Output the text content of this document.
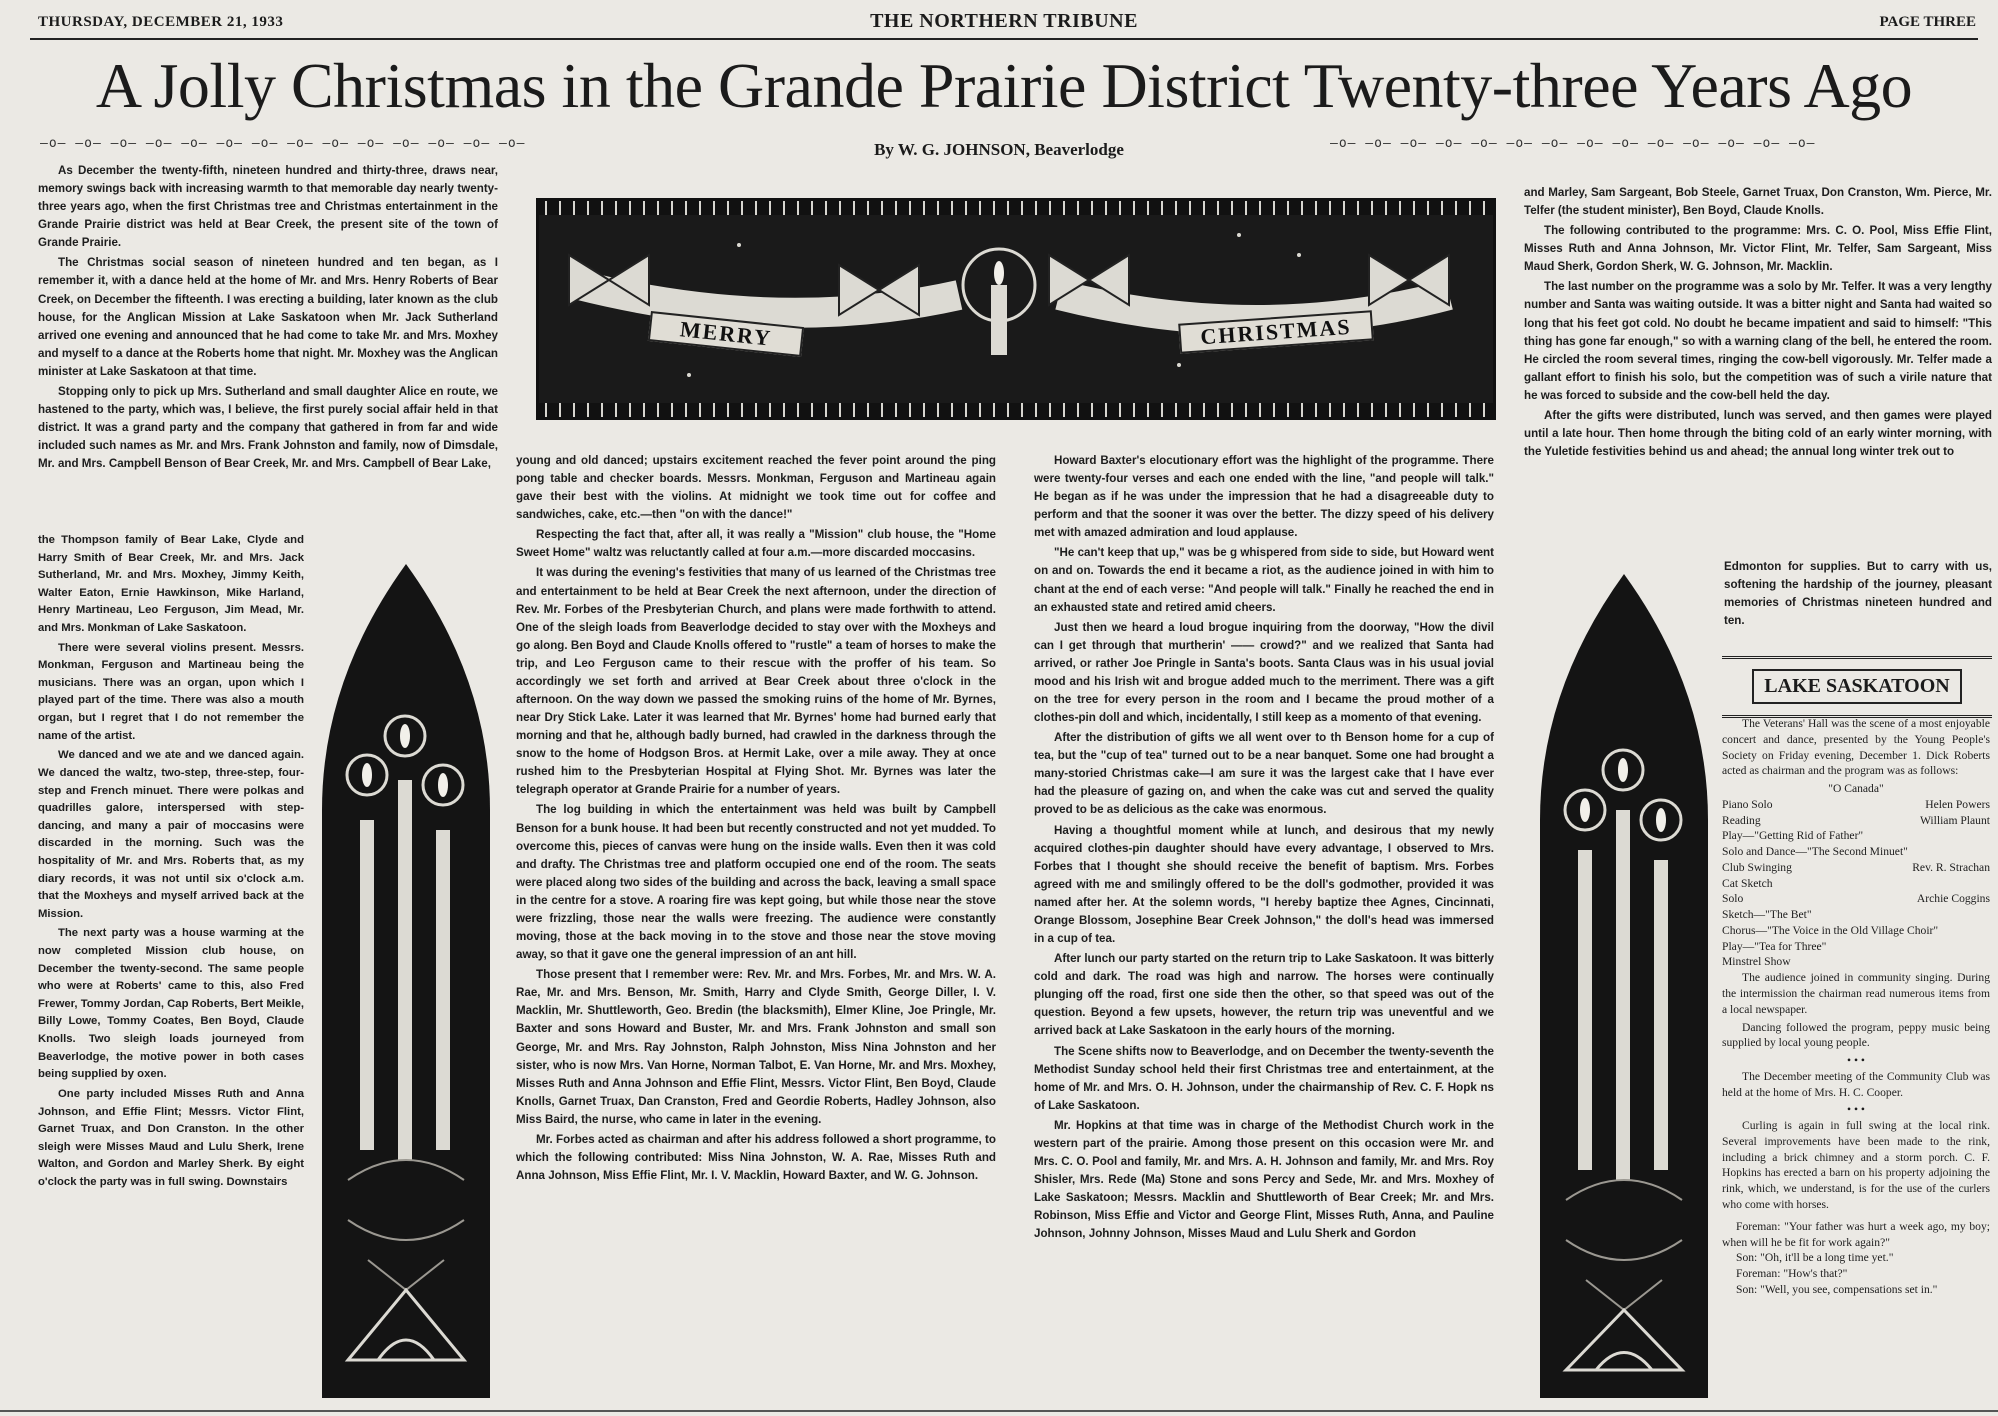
THURSDAY, DECEMBER 21, 1933	THE NORTHERN TRIBUNE	PAGE THREE
A Jolly Christmas in the Grande Prairie District Twenty-three Years Ago
—o— —o— —o— —o— —o— —o— —o— —o— —o— —o— —o— —o— —o— —o—	By W. G. JOHNSON, Beaverlodge	—o— —o— —o— —o— —o— —o— —o— —o— —o— —o— —o— —o— —o— —o—

As December the twenty-fifth, nineteen hundred and thirty-three, draws near, memory swings back with increasing warmth to that memorable day nearly twenty-three years ago, when the first Christmas tree and Christmas entertainment in the Grande Prairie district was held at Bear Creek, the present site of the town of Grande Prairie.

The Christmas social season of nineteen hundred and ten began, as I remember it, with a dance held at the home of Mr. and Mrs. Henry Roberts of Bear Creek, on December the fifteenth. I was erecting a building, later known as the club house, for the Anglican Mission at Lake Saskatoon when Mr. Jack Sutherland arrived one evening and announced that he had come to take Mr. and Mrs. Moxhey and myself to a dance at the Roberts home that night. Mr. Moxhey was the Anglican minister at Lake Saskatoon at that time.

Stopping only to pick up Mrs. Sutherland and small daughter Alice en route, we hastened to the party, which was, I believe, the first purely social affair held in that district. It was a grand party and the company that gathered in from far and wide included such names as Mr. and Mrs. Frank Johnston and family, now of Dimsdale, Mr. and Mrs. Campbell Benson of Bear Creek, Mr. and Mrs. Campbell of Bear Lake,

the Thompson family of Bear Lake, Clyde and Harry Smith of Bear Creek, Mr. and Mrs. Jack Sutherland, Mr. and Mrs. Moxhey, Jimmy Keith, Walter Eaton, Ernie Hawkinson, Mike Harland, Henry Martineau, Leo Ferguson, Jim Mead, Mr. and Mrs. Monkman of Lake Saskatoon.

There were several violins present. Messrs. Monkman, Ferguson and Martineau being the musicians. There was an organ, upon which I played part of the time. There was also a mouth organ, but I regret that I do not remember the name of the artist.

We danced and we ate and we danced again. We danced the waltz, two-step, three-step, four-step and French minuet. There were polkas and quadrilles galore, interspersed with step-dancing, and many a pair of moccasins were discarded in the morning. Such was the hospitality of Mr. and Mrs. Roberts that, as my diary records, it was not until six o'clock a.m. that the Moxheys and myself arrived back at the Mission.

The next party was a house warming at the now completed Mission club house, on December the twenty-second. The same people who were at Roberts' came to this, also Fred Frewer, Tommy Jordan, Cap Roberts, Bert Meikle, Billy Lowe, Tommy Coates, Ben Boyd, Claude Knolls. Two sleigh loads journeyed from Beaverlodge, the motive power in both cases being supplied by oxen.

One party included Misses Ruth and Anna Johnson, and Effie Flint; Messrs. Victor Flint, Garnet Truax, and Don Cranston. In the other sleigh were Misses Maud and Lulu Sherk, Irene Walton, and Gordon and Marley Sherk. By eight o'clock the party was in full swing. Downstairs

MERRY	CHRISTMAS

young and old danced; upstairs excitement reached the fever point around the ping pong table and checker boards. Messrs. Monkman, Ferguson and Martineau again gave their best with the violins. At midnight we took time out for coffee and sandwiches, cake, etc.—then "on with the dance!"

Respecting the fact that, after all, it was really a "Mission" club house, the "Home Sweet Home" waltz was reluctantly called at four a.m.—more discarded moccasins.

It was during the evening's festivities that many of us learned of the Christmas tree and entertainment to be held at Bear Creek the next afternoon, under the direction of Rev. Mr. Forbes of the Presbyterian Church, and plans were made forthwith to attend. One of the sleigh loads from Beaverlodge decided to stay over with the Moxheys and go along. Ben Boyd and Claude Knolls offered to "rustle" a team of horses to make the trip, and Leo Ferguson came to their rescue with the proffer of his team. So accordingly we set forth and arrived at Bear Creek about three o'clock in the afternoon. On the way down we passed the smoking ruins of the home of Mr. Byrnes, near Dry Stick Lake. Later it was learned that Mr. Byrnes' home had burned early that morning and that he, although badly burned, had crawled in the darkness through the snow to the home of Hodgson Bros. at Hermit Lake, over a mile away. They at once rushed him to the Presbyterian Hospital at Flying Shot. Mr. Byrnes was later the telegraph operator at Grande Prairie for a number of years.

The log building in which the entertainment was held was built by Campbell Benson for a bunk house. It had been but recently constructed and not yet mudded. To overcome this, pieces of canvas were hung on the inside walls. Even then it was cold and drafty. The Christmas tree and platform occupied one end of the room. The seats were placed along two sides of the building and across the back, leaving a small space in the centre for a stove. A roaring fire was kept going, but while those near the stove were frizzling, those near the walls were freezing. The audience were constantly moving, those at the back moving in to the stove and those near the stove moving away, so that it gave one the general impression of an ant hill.

Those present that I remember were: Rev. Mr. and Mrs. Forbes, Mr. and Mrs. W. A. Rae, Mr. and Mrs. Benson, Mr. Smith, Harry and Clyde Smith, George Diller, I. V. Macklin, Mr. Shuttleworth, Geo. Bredin (the blacksmith), Elmer Kline, Joe Pringle, Mr. Baxter and sons Howard and Buster, Mr. and Mrs. Frank Johnston and small son George, Mr. and Mrs. Ray Johnston, Ralph Johnston, Miss Nina Johnston and her sister, who is now Mrs. Van Horne, Norman Talbot, E. Van Horne, Mr. and Mrs. Moxhey, Misses Ruth and Anna Johnson and Effie Flint, Messrs. Victor Flint, Ben Boyd, Claude Knolls, Garnet Truax, Dan Cranston, Fred and Geordie Roberts, Hadley Johnson, also Miss Baird, the nurse, who came in later in the evening.

Mr. Forbes acted as chairman and after his address followed a short programme, to which the following contributed: Miss Nina Johnston, W. A. Rae, Misses Ruth and Anna Johnson, Miss Effie Flint, Mr. I. V. Macklin, Howard Baxter, and W. G. Johnson.

Howard Baxter's elocutionary effort was the highlight of the programme. There were twenty-four verses and each one ended with the line, "and people will talk." He began as if he was under the impression that he had a disagreeable duty to perform and that the sooner it was over the better. The dizzy speed of his delivery met with amazed admiration and loud applause.

"He can't keep that up," was be g whispered from side to side, but Howard went on and on. Towards the end it became a riot, as the audience joined in with him to chant at the end of each verse: "And people will talk." Finally he reached the end in an exhausted state and retired amid cheers.

Just then we heard a loud brogue inquiring from the doorway, "How the divil can I get through that murtherin' —— crowd?" and we realized that Santa had arrived, or rather Joe Pringle in Santa's boots. Santa Claus was in his usual jovial mood and his Irish wit and brogue added much to the merriment. There was a gift on the tree for every person in the room and I became the proud mother of a clothes-pin doll and which, incidentally, I still keep as a momento of that evening.

After the distribution of gifts we all went over to th Benson home for a cup of tea, but the "cup of tea" turned out to be a near banquet. Some one had brought a many-storied Christmas cake—I am sure it was the largest cake that I have ever had the pleasure of gazing on, and when the cake was cut and served the quality proved to be as delicious as the cake was enormous.

Having a thoughtful moment while at lunch, and desirous that my newly acquired clothes-pin daughter should have every advantage, I observed to Mrs. Forbes that I thought she should receive the benefit of baptism. Mrs. Forbes agreed with me and smilingly offered to be the doll's godmother, provided it was named after her. At the solemn words, "I hereby baptize thee Agnes, Cincinnati, Orange Blossom, Josephine Bear Creek Johnson," the doll's head was immersed in a cup of tea.

After lunch our party started on the return trip to Lake Saskatoon. It was bitterly cold and dark. The road was high and narrow. The horses were continually plunging off the road, first one side then the other, so that speed was out of the question. Beyond a few upsets, however, the return trip was uneventful and we arrived back at Lake Saskatoon in the early hours of the morning.

The Scene shifts now to Beaverlodge, and on December the twenty-seventh the Methodist Sunday school held their first Christmas tree and entertainment, at the home of Mr. and Mrs. O. H. Johnson, under the chairmanship of Rev. C. F. Hopk ns of Lake Saskatoon.

Mr. Hopkins at that time was in charge of the Methodist Church work in the western part of the prairie. Among those present on this occasion were Mr. and Mrs. C. O. Pool and family, Mr. and Mrs. A. H. Johnson and family, Mr. and Mrs. Roy Shisler, Mrs. Rede (Ma) Stone and sons Percy and Sede, Mr. and Mrs. Moxhey of Lake Saskatoon; Messrs. Macklin and Shuttleworth of Bear Creek; Mr. and Mrs. Robinson, Miss Effie and Victor and George Flint, Misses Ruth, Anna, and Pauline Johnson, Johnny Johnson, Misses Maud and Lulu Sherk and Gordon

and Marley, Sam Sargeant, Bob Steele, Garnet Truax, Don Cranston, Wm. Pierce, Mr. Telfer (the student minister), Ben Boyd, Claude Knolls.

The following contributed to the programme: Mrs. C. O. Pool, Miss Effie Flint, Misses Ruth and Anna Johnson, Mr. Victor Flint, Mr. Telfer, Sam Sargeant, Miss Maud Sherk, Gordon Sherk, W. G. Johnson, Mr. Macklin.

The last number on the programme was a solo by Mr. Telfer. It was a very lengthy number and Santa was waiting outside. It was a bitter night and Santa had waited so long that his feet got cold. No doubt he became impatient and said to himself: "This thing has gone far enough," so with a warning clang of the bell, he entered the room. He circled the room several times, ringing the cow-bell vigorously. Mr. Telfer made a gallant effort to finish his solo, but the competition was of such a virile nature that he was forced to subside and the cow-bell held the day.

After the gifts were distributed, lunch was served, and then games were played until a late hour. Then home through the biting cold of an early winter morning, with the Yuletide festivities behind us and ahead; the annual long winter trek out to

Edmonton for supplies. But to carry with us, softening the hardship of the journey, pleasant memories of Christmas nineteen hundred and ten.

LAKE SASKATOON

The Veterans' Hall was the scene of a most enjoyable concert and dance, presented by the Young People's Society on Friday evening, December 1. Dick Roberts acted as chairman and the program was as follows:

"O Canada"
Piano Solo	Helen Powers
Reading	William Plaunt
Play—"Getting Rid of Father"
Solo and Dance—"The Second Minuet"
Club Swinging	Rev. R. Strachan
Cat Sketch
Solo	Archie Coggins
Sketch—"The Bet"
Chorus—"The Voice in the Old Village Choir"
Play—"Tea for Three"
Minstrel Show

The audience joined in community singing. During the intermission the chairman read numerous items from a local newspaper.

Dancing followed the program, peppy music being supplied by local young people.

• • •

The December meeting of the Community Club was held at the home of Mrs. H. C. Cooper.

• • •

Curling is again in full swing at the local rink. Several improvements have been made to the rink, including a brick chimney and a storm porch. C. F. Hopkins has erected a barn on his property adjoining the rink, which, we understand, is for the use of the curlers who come with horses.

Foreman: "Your father was hurt a week ago, my boy; when will he be fit for work again?"
Son: "Oh, it'll be a long time yet."
Foreman: "How's that?"
Son: "Well, you see, compensations set in."
